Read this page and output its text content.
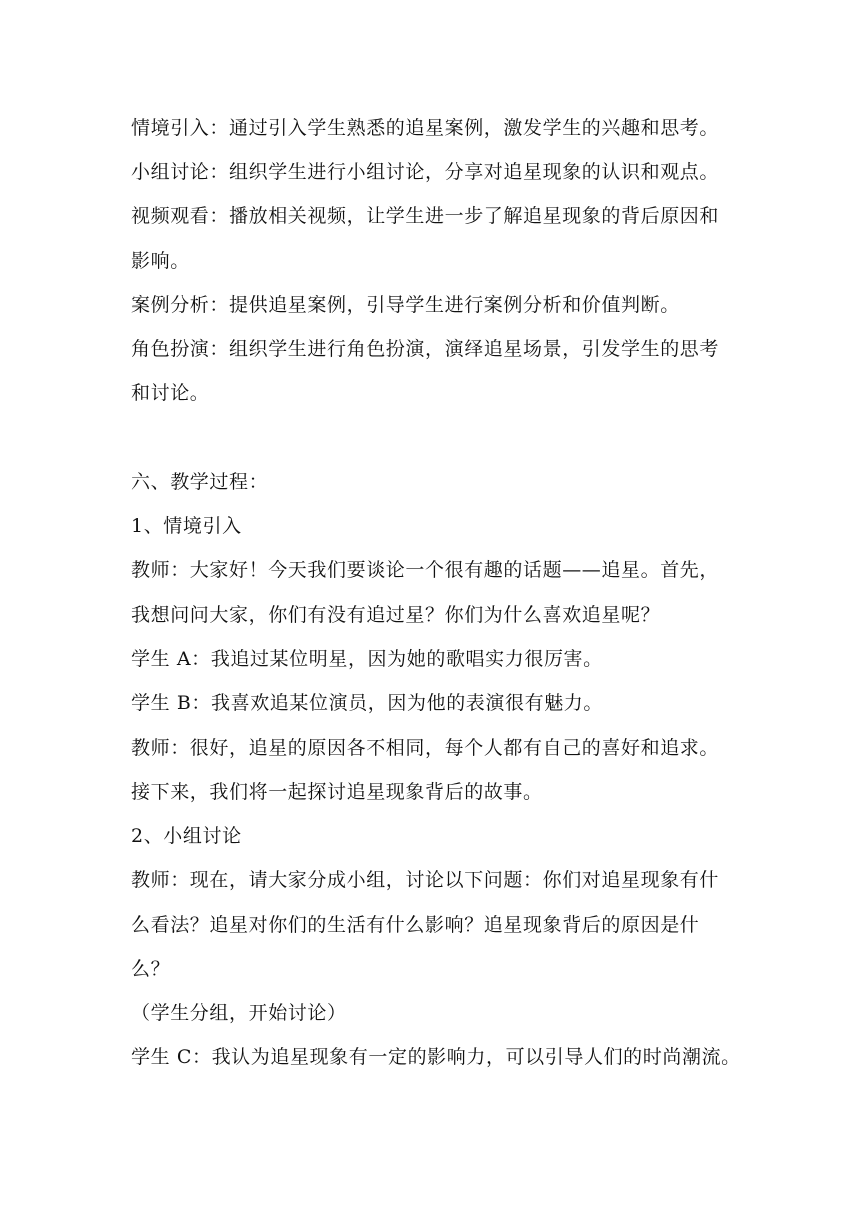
情境引入：通过引入学生熟悉的追星案例，激发学生的兴趣和思考。
小组讨论：组织学生进行小组讨论，分享对追星现象的认识和观点。
视频观看：播放相关视频，让学生进一步了解追星现象的背后原因和
影响。
案例分析：提供追星案例，引导学生进行案例分析和价值判断。
角色扮演：组织学生进行角色扮演，演绎追星场景，引发学生的思考
和讨论。
六、教学过程：
1、情境引入
教师：大家好！今天我们要谈论一个很有趣的话题——追星。首先，
我想问问大家，你们有没有追过星？你们为什么喜欢追星呢？
学生 A：我追过某位明星，因为她的歌唱实力很厉害。
学生 B：我喜欢追某位演员，因为他的表演很有魅力。
教师：很好，追星的原因各不相同，每个人都有自己的喜好和追求。
接下来，我们将一起探讨追星现象背后的故事。
2、小组讨论
教师：现在，请大家分成小组，讨论以下问题：你们对追星现象有什
么看法？追星对你们的生活有什么影响？追星现象背后的原因是什
么？
（学生分组，开始讨论）
学生 C：我认为追星现象有一定的影响力，可以引导人们的时尚潮流。
